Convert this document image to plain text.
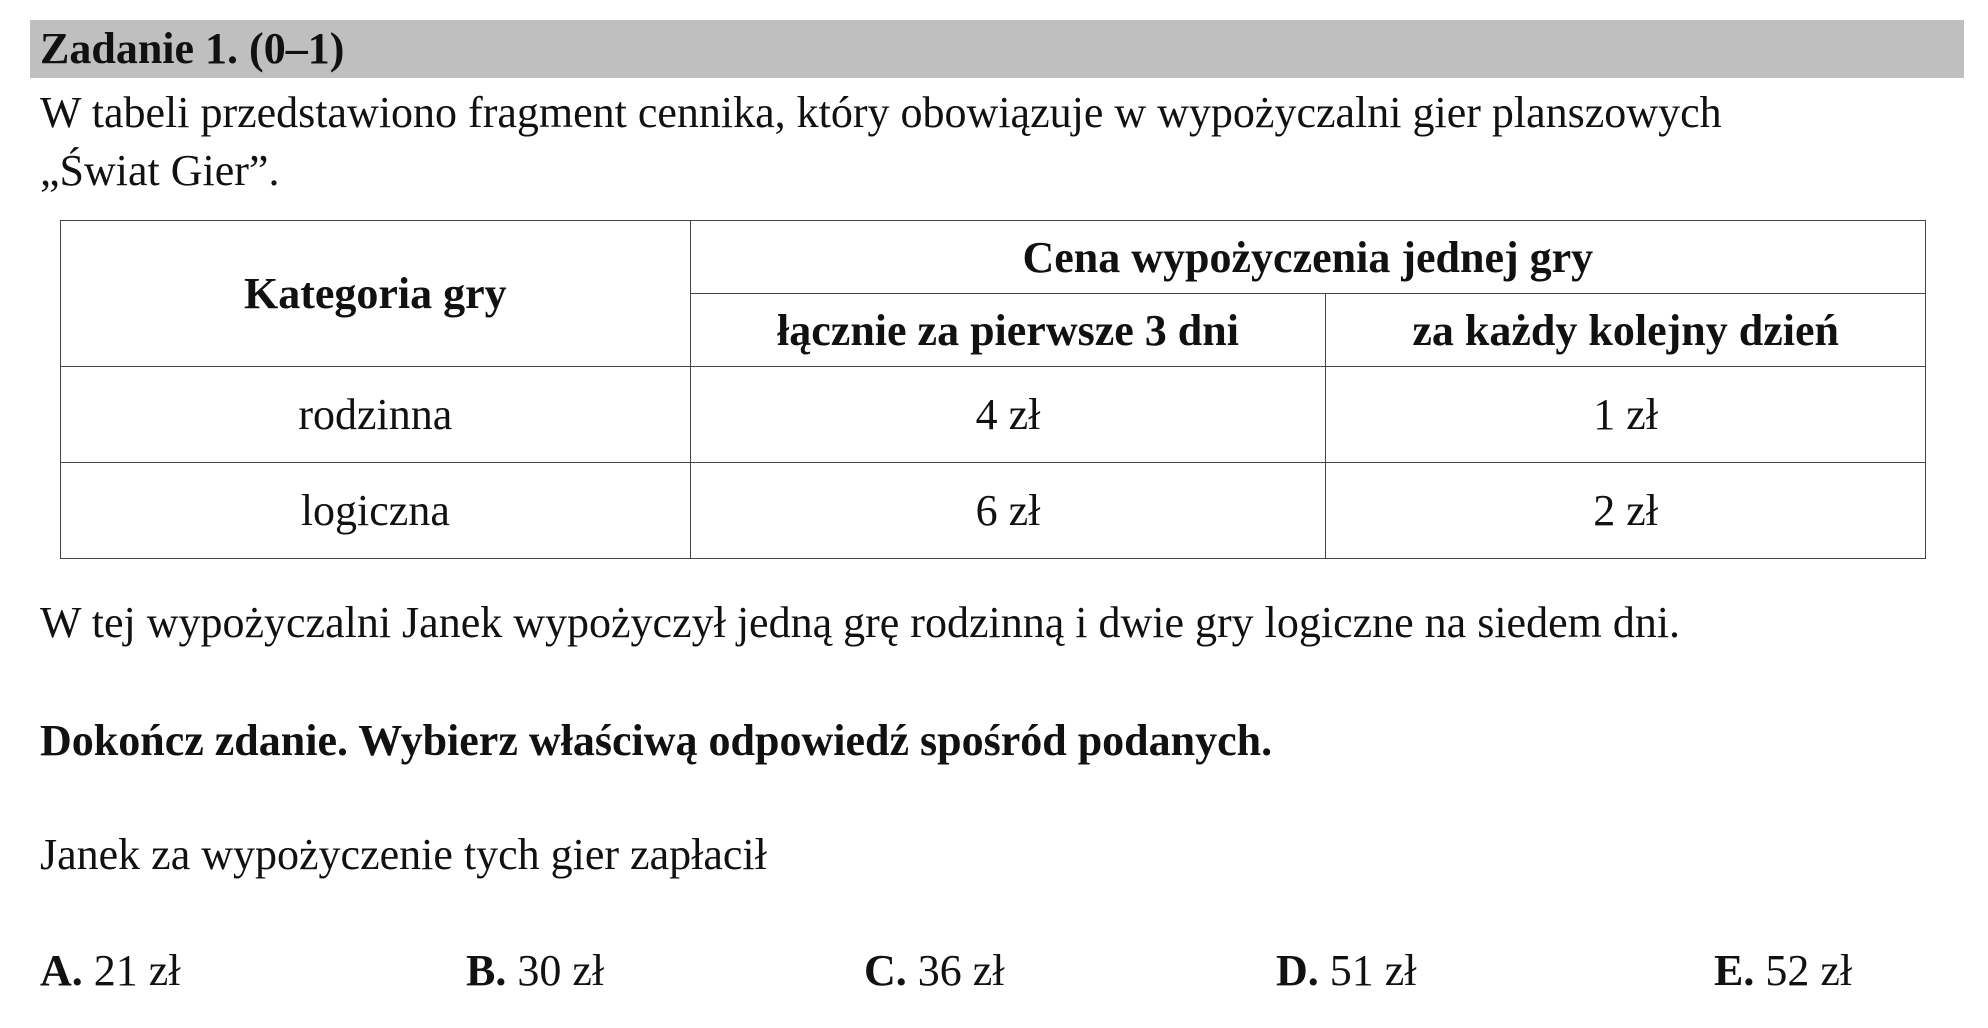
Zadanie 1. (0–1)

W tabeli przedstawiono fragment cennika, który obowiązuje w wypożyczalni gier planszowych

„Świat Gier”.

Kategoria gry	Cena wypożyczenia jednej gry	
	łącznie za pierwsze 3 dni	za każdy kolejny dzień
rodzinna	4 zł	1 zł
logiczna	6 zł	2 zł

W tej wypożyczalni Janek wypożyczył jedną grę rodzinną i dwie gry logiczne na siedem dni.

Dokończ zdanie. Wybierz właściwą odpowiedź spośród podanych.

Janek za wypożyczenie tych gier zapłacił

A. 21 zł	B. 30 zł	C. 36 zł	D. 51 zł	E. 52 zł
